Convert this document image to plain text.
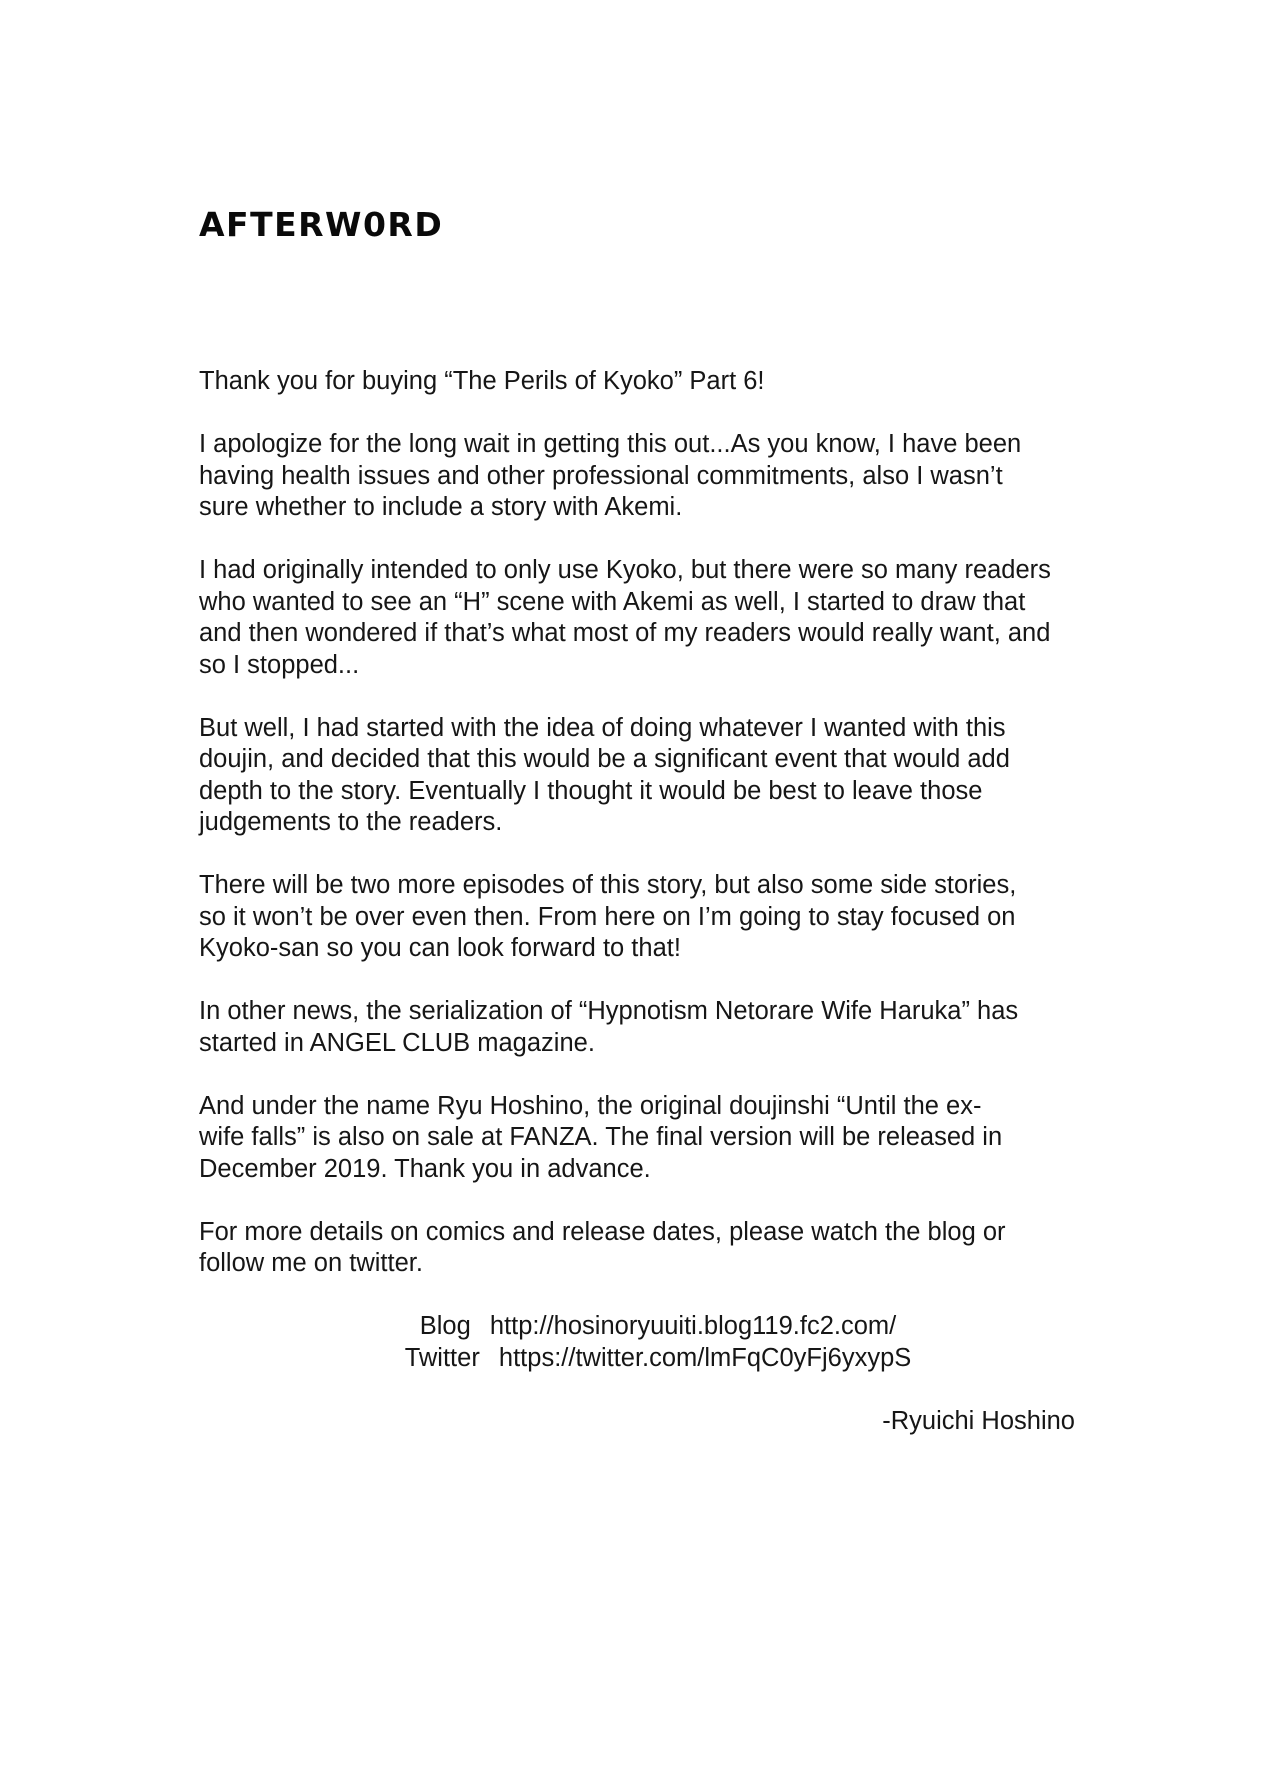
AFTERW0RD

Thank you for buying “The Perils of Kyoko” Part 6!

I apologize for the long wait in getting this out...As you know, I have been
having health issues and other professional commitments, also I wasn’t
sure whether to include a story with Akemi.

I had originally intended to only use Kyoko, but there were so many readers
who wanted to see an “H” scene with Akemi as well, I started to draw that
and then wondered if that’s what most of my readers would really want, and
so I stopped...

But well, I had started with the idea of doing whatever I wanted with this
doujin, and decided that this would be a significant event that would add
depth to the story. Eventually I thought it would be best to leave those
judgements to the readers.

There will be two more episodes of this story, but also some side stories,
so it won’t be over even then. From here on I’m going to stay focused on
Kyoko-san so you can look forward to that!

In other news, the serialization of “Hypnotism Netorare Wife Haruka” has
started in ANGEL CLUB magazine.

And under the name Ryu Hoshino, the original doujinshi “Until the ex-
wife falls” is also on sale at FANZA. The final version will be released in
December 2019. Thank you in advance.

For more details on comics and release dates, please watch the blog or
follow me on twitter.

Blog http://hosinoryuuiti.blog119.fc2.com/
Twitter https://twitter.com/lmFqC0yFj6yxypS

-Ryuichi Hoshino
